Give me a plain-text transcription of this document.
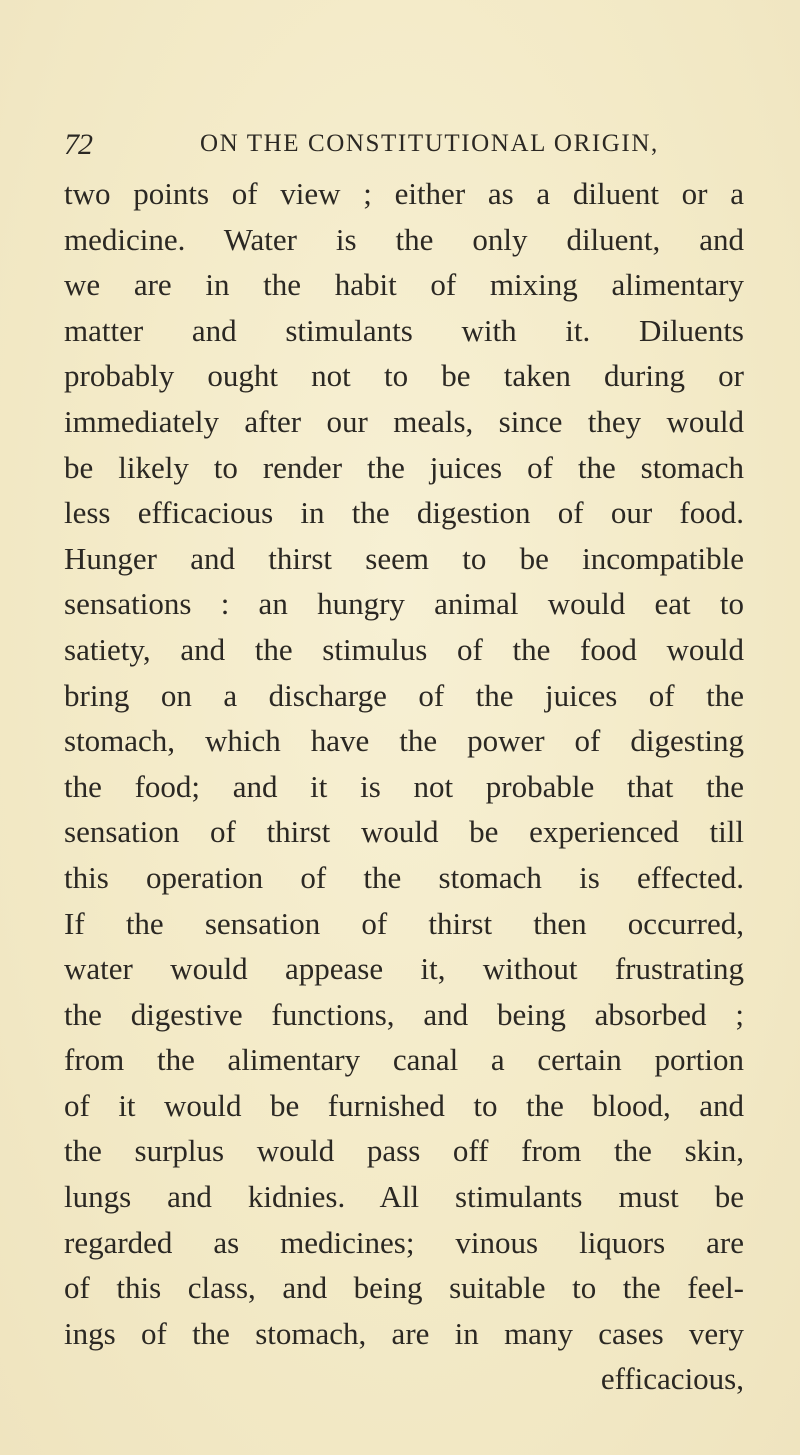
72	ON THE CONSTITUTIONAL ORIGIN,
two points of view ; either as a diluent or a
medicine. Water is the only diluent, and
we are in the habit of mixing alimentary
matter and stimulants with it. Diluents
probably ought not to be taken during or
immediately after our meals, since they would
be likely to render the juices of the stomach
less efficacious in the digestion of our food.
Hunger and thirst seem to be incompatible
sensations : an hungry animal would eat to
satiety, and the stimulus of the food would
bring on a discharge of the juices of the
stomach, which have the power of digesting
the food; and it is not probable that the
sensation of thirst would be experienced till
this operation of the stomach is effected.
If the sensation of thirst then occurred,
water would appease it, without frustrating
the digestive functions, and being absorbed ;
from the alimentary canal a certain portion
of it would be furnished to the blood, and
the surplus would pass off from the skin,
lungs and kidnies. All stimulants must be
regarded as medicines; vinous liquors are
of this class, and being suitable to the feel-
ings of the stomach, are in many cases very
efficacious,
